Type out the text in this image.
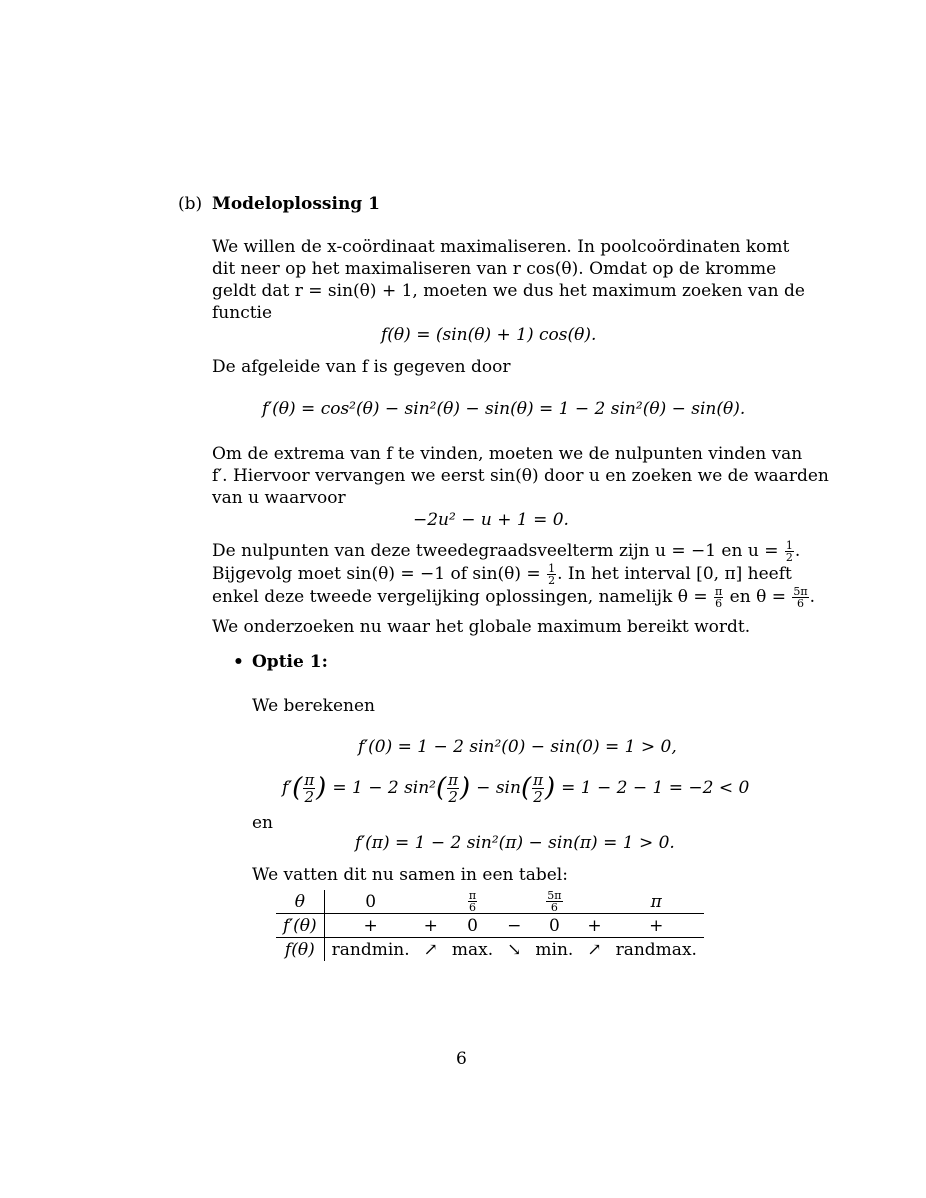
(b) Modeloplossing 1
We willen de x-coördinaat maximaliseren. In poolcoördinaten komt
dit neer op het maximaliseren van r cos(θ). Omdat op de kromme
geldt dat r = sin(θ) + 1, moeten we dus het maximum zoeken van de
functie
f(θ) = (sin(θ) + 1) cos(θ).
De afgeleide van f is gegeven door
f′(θ) = cos²(θ) − sin²(θ) − sin(θ) = 1 − 2 sin²(θ) − sin(θ).
Om de extrema van f te vinden, moeten we de nulpunten vinden van
f′. Hiervoor vervangen we eerst sin(θ) door u en zoeken we de waarden
van u waarvoor
−2u² − u + 1 = 0.
De nulpunten van deze tweedegraadsveelterm zijn u = −1 en $u = \frac{1}{2}$ .
Bijgevolg moet sin(θ) = −1 of $\sin(\theta) = \frac{1}{2}$ . In het interval [0, π] heeft
enkel deze tweede vergelijking oplossingen, namelijk $\theta = \frac{\pi}{6}$ en $\theta = \frac{5\pi}{6}$ .
We onderzoeken nu waar het globale maximum bereikt wordt.
• Optie 1:
We berekenen
f′(0) = 1 − 2 sin²(0) − sin(0) = 1 > 0,
f′ ( $\frac{\pi}{2}$ ) = 1 − 2 sin² ( $\frac{\pi}{2}$ ) − sin ( $\frac{\pi}{2}$ ) = 1 − 2 − 1 = −2 < 0
en
f′(π) = 1 − 2 sin²(π) − sin(π) = 1 > 0.
We vatten dit nu samen in een tabel:
θ	0		$\frac{\pi}{6}$		$\frac{5\pi}{6}$		π
f′(θ)	+	+	0	−	0	+	+
f(θ)	randmin.	↗	max.	↘	min.	↗	randmax.
6
